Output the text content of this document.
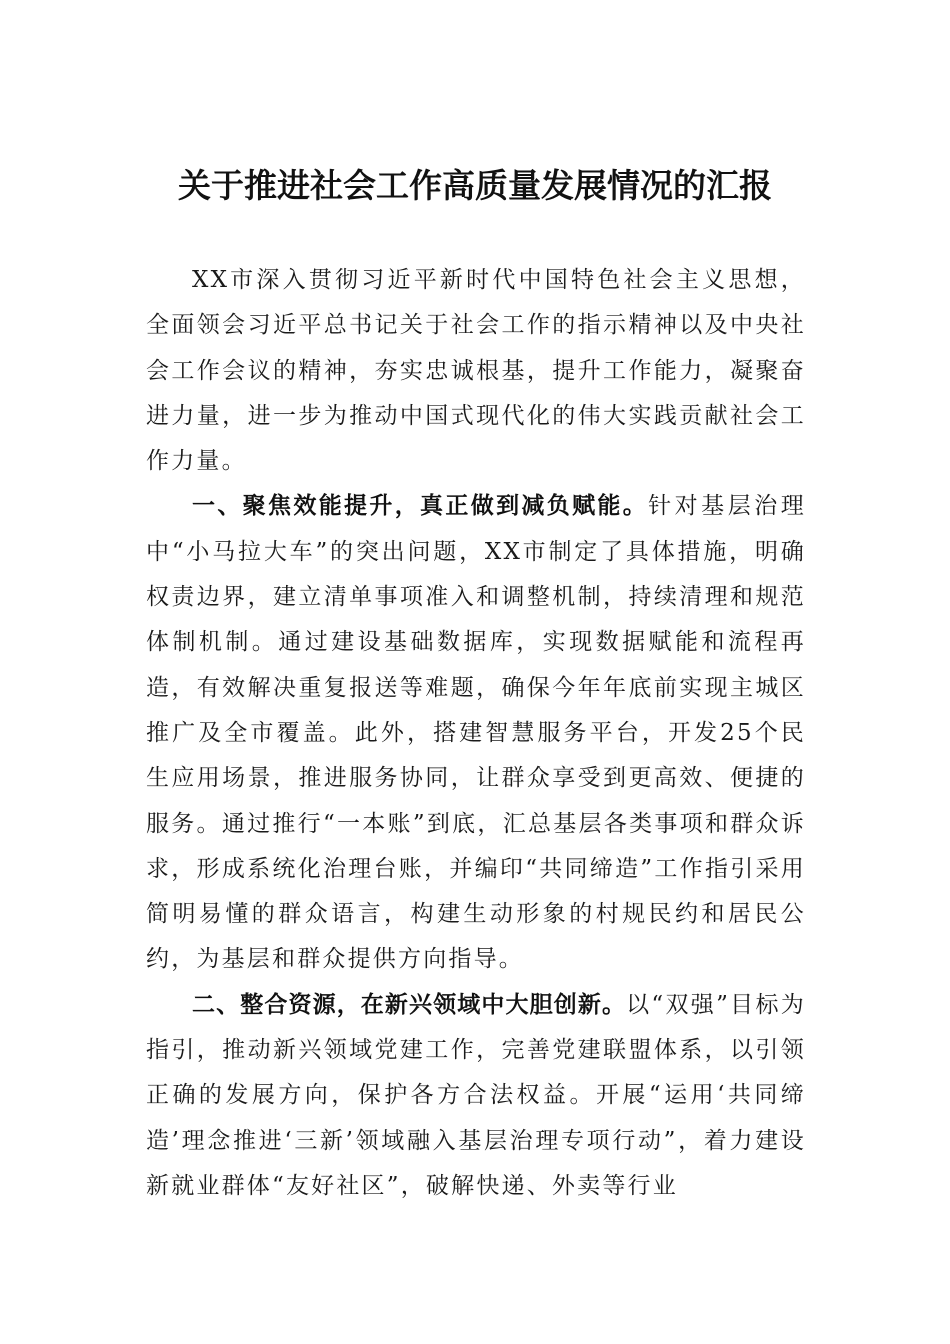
关于推进社会工作高质量发展情况的汇报

XX市深入贯彻习近平新时代中国特色社会主义思想，全面领会习近平总书记关于社会工作的指示精神以及中央社会工作会议的精神，夯实忠诚根基，提升工作能力，凝聚奋进力量，进一步为推动中国式现代化的伟大实践贡献社会工作力量。

一、聚焦效能提升，真正做到减负赋能。针对基层治理中“小马拉大车”的突出问题，XX市制定了具体措施，明确权责边界，建立清单事项准入和调整机制，持续清理和规范体制机制。通过建设基础数据库，实现数据赋能和流程再造，有效解决重复报送等难题，确保今年年底前实现主城区推广及全市覆盖。此外，搭建智慧服务平台，开发25个民生应用场景，推进服务协同，让群众享受到更高效、便捷的服务。通过推行“一本账”到底，汇总基层各类事项和群众诉求，形成系统化治理台账，并编印“共同缔造”工作指引采用简明易懂的群众语言，构建生动形象的村规民约和居民公约，为基层和群众提供方向指导。

二、整合资源，在新兴领域中大胆创新。以“双强”目标为指引，推动新兴领域党建工作，完善党建联盟体系，以引领正确的发展方向，保护各方合法权益。开展“运用‘共同缔造’理念推进‘三新’领域融入基层治理专项行动”，着力建设新就业群体“友好社区”，破解快递、外卖等行业
